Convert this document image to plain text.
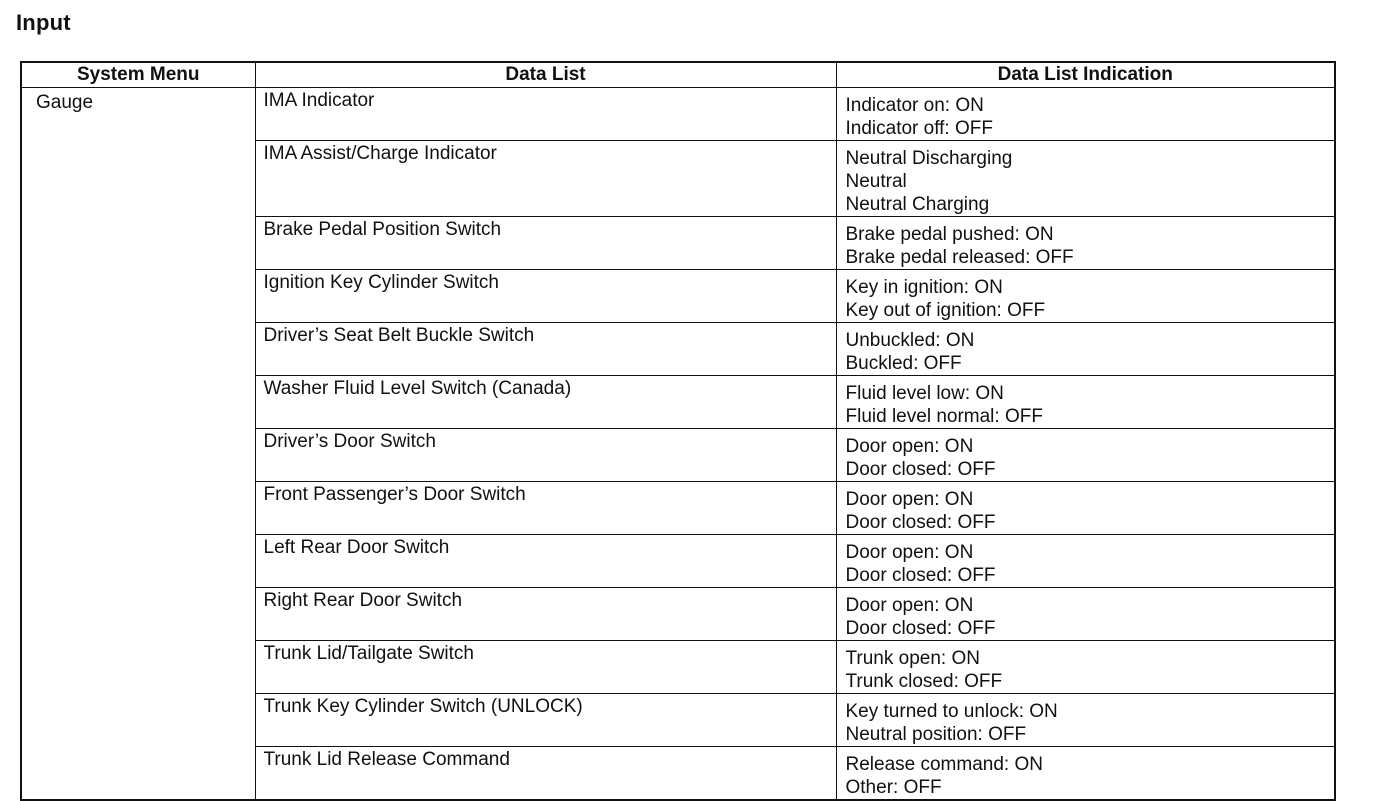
Input
System Menu	Data List	Data List Indication
Gauge	IMA Indicator	Indicator on: ON
Indicator off: OFF

	IMA Assist/Charge Indicator	Neutral Discharging
Neutral
Neutral Charging

	Brake Pedal Position Switch	Brake pedal pushed: ON
Brake pedal released: OFF

	Ignition Key Cylinder Switch	Key in ignition: ON
Key out of ignition: OFF

	Driver’s Seat Belt Buckle Switch	Unbuckled: ON
Buckled: OFF

	Washer Fluid Level Switch (Canada)	Fluid level low: ON
Fluid level normal: OFF

	Driver’s Door Switch	Door open: ON
Door closed: OFF

	Front Passenger’s Door Switch	Door open: ON
Door closed: OFF

	Left Rear Door Switch	Door open: ON
Door closed: OFF

	Right Rear Door Switch	Door open: ON
Door closed: OFF

	Trunk Lid/Tailgate Switch	Trunk open: ON
Trunk closed: OFF

	Trunk Key Cylinder Switch (UNLOCK)	Key turned to unlock: ON
Neutral position: OFF

	Trunk Lid Release Command	Release command: ON
Other: OFF
